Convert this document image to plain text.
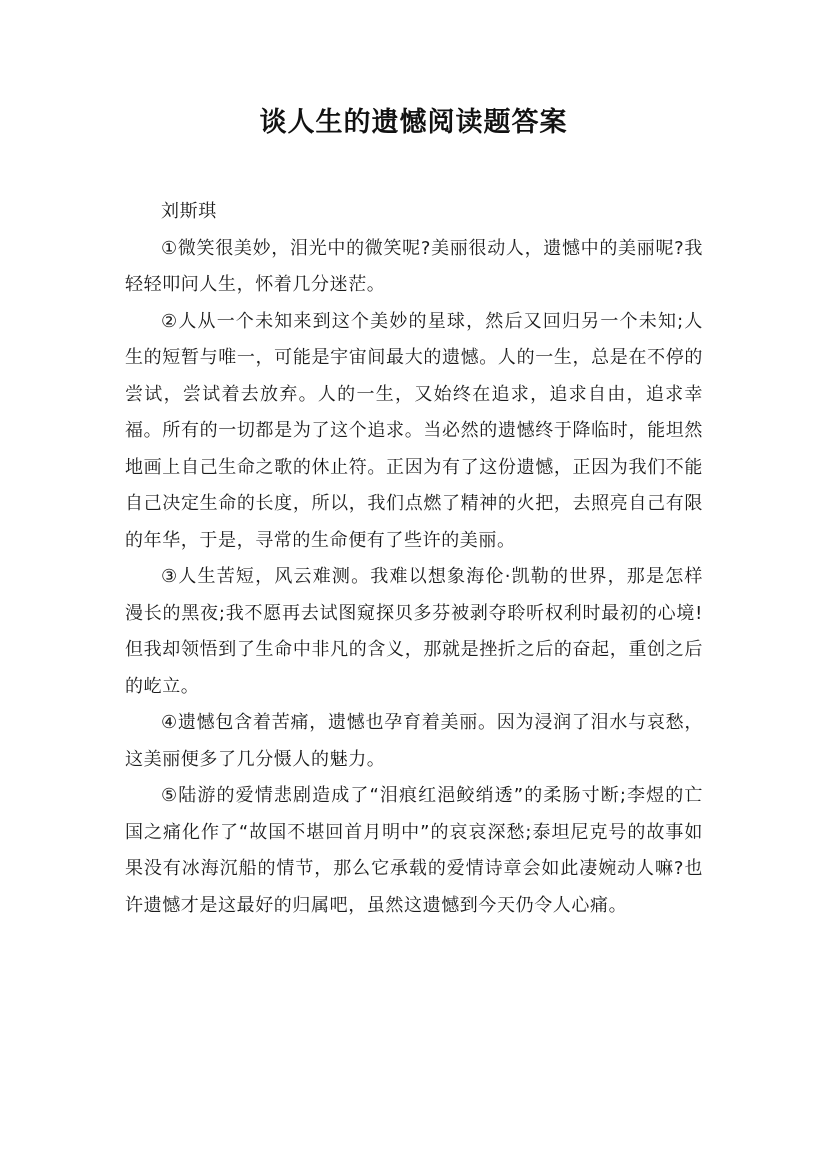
谈人生的遗憾阅读题答案

刘斯琪

①微笑很美妙，泪光中的微笑呢?美丽很动人，遗憾中的美丽呢?我轻轻叩问人生，怀着几分迷茫。

②人从一个未知来到这个美妙的星球，然后又回归另一个未知;人生的短暂与唯一，可能是宇宙间最大的遗憾。人的一生，总是在不停的尝试，尝试着去放弃。人的一生，又始终在追求，追求自由，追求幸福。所有的一切都是为了这个追求。当必然的遗憾终于降临时，能坦然地画上自己生命之歌的休止符。正因为有了这份遗憾，正因为我们不能自己决定生命的长度，所以，我们点燃了精神的火把，去照亮自己有限的年华，于是，寻常的生命便有了些许的美丽。

③人生苦短，风云难测。我难以想象海伦·凯勒的世界，那是怎样漫长的黑夜;我不愿再去试图窥探贝多芬被剥夺聆听权利时最初的心境!但我却领悟到了生命中非凡的含义，那就是挫折之后的奋起，重创之后的屹立。

④遗憾包含着苦痛，遗憾也孕育着美丽。因为浸润了泪水与哀愁，这美丽便多了几分慑人的魅力。

⑤陆游的爱情悲剧造成了“泪痕红浥鲛绡透”的柔肠寸断;李煜的亡国之痛化作了“故国不堪回首月明中”的哀哀深愁;泰坦尼克号的故事如果没有冰海沉船的情节，那么它承载的爱情诗章会如此凄婉动人嘛?也许遗憾才是这最好的归属吧，虽然这遗憾到今天仍令人心痛。
